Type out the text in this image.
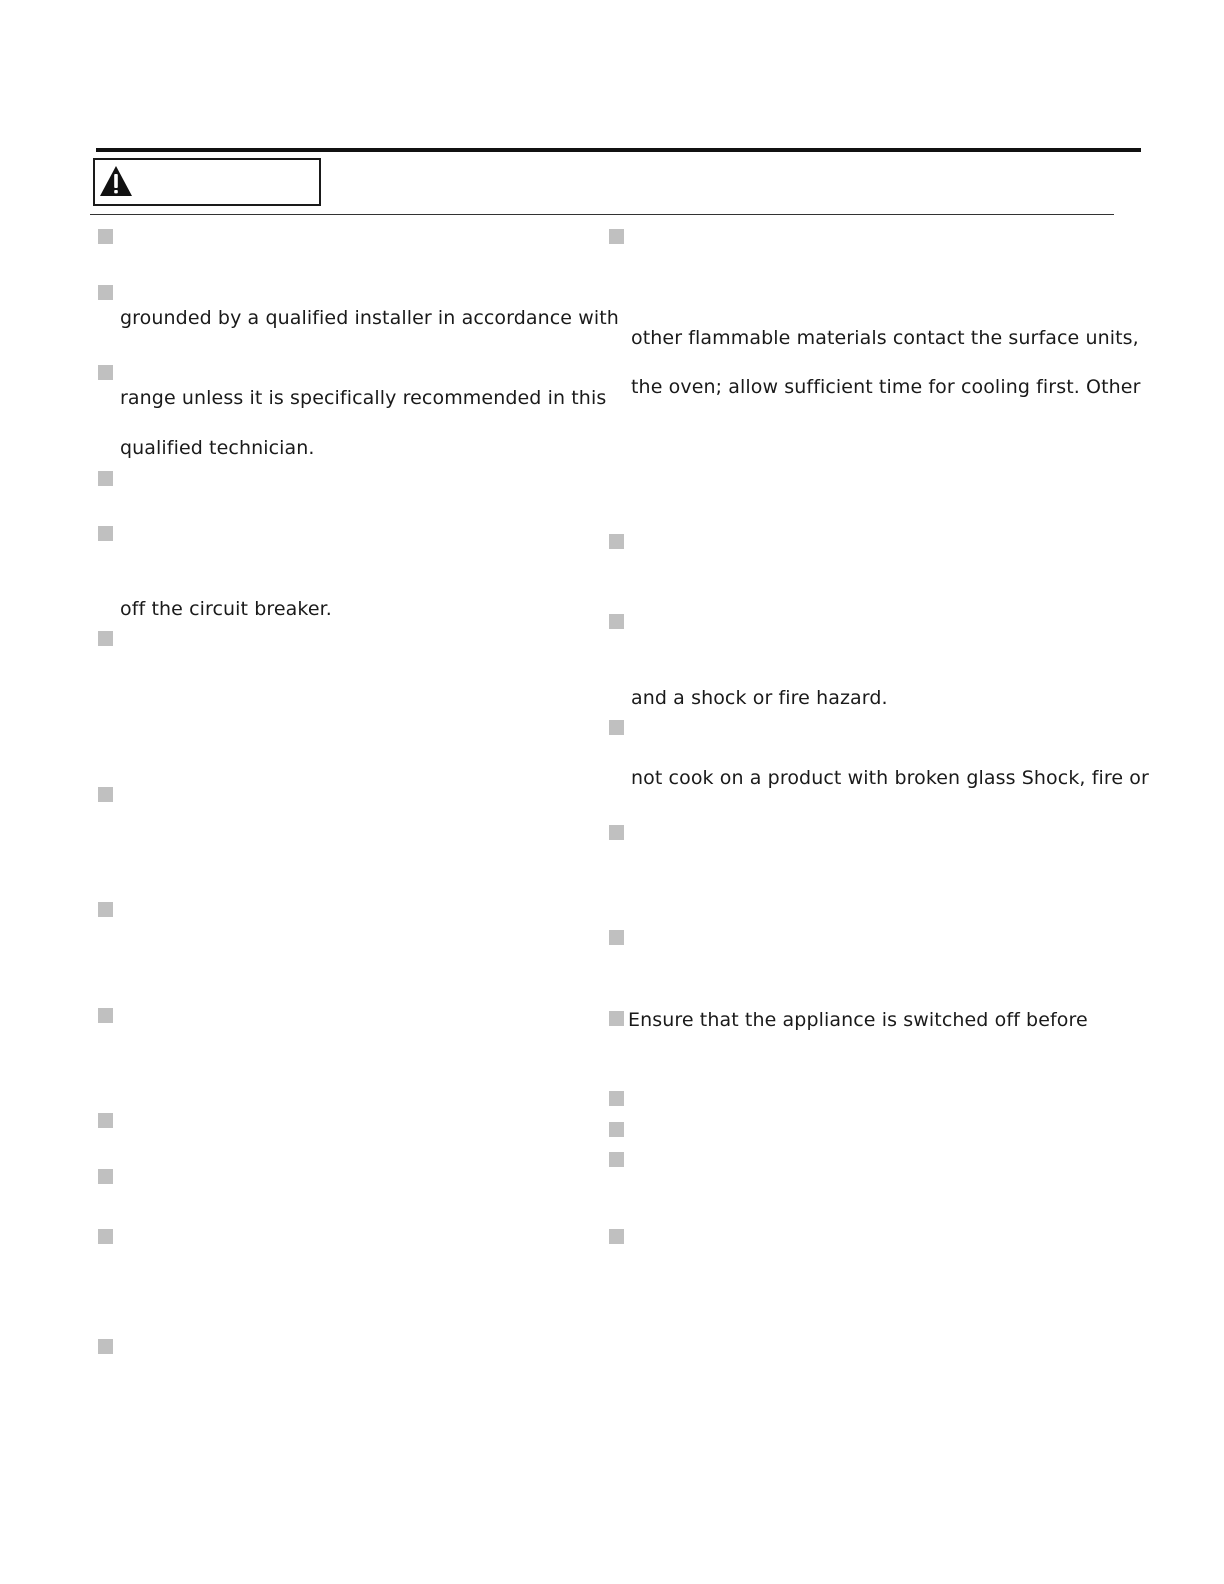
grounded by a qualified installer in accordance with
range unless it is specifically recommended in this
qualified technician.
off the circuit breaker.
other flammable materials contact the surface units,
the oven; allow sufficient time for cooling first. Other
and a shock or fire hazard.
not cook on a product with broken glass Shock, fire or
Ensure that the appliance is switched off before
